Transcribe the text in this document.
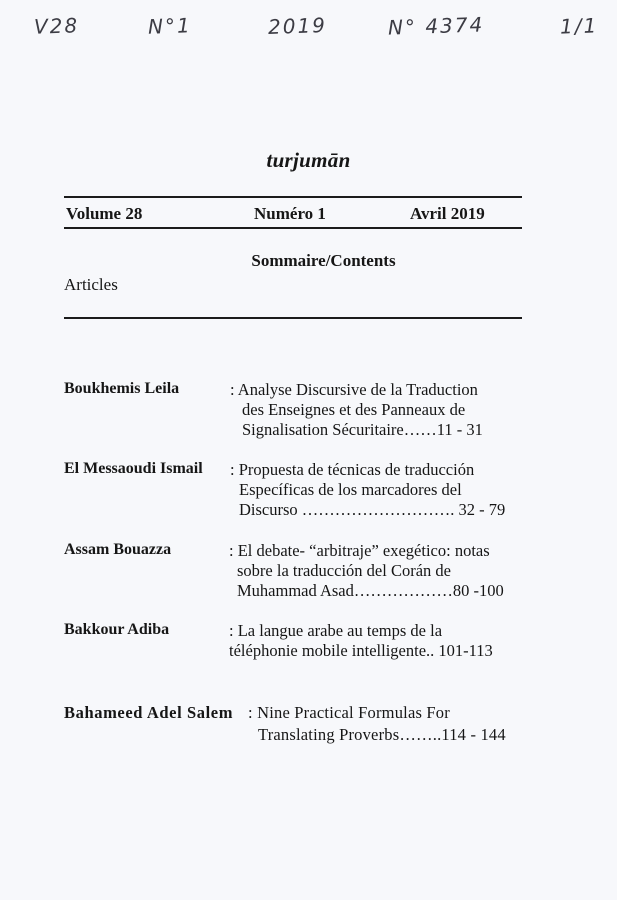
V28	N°1	2019	N° 4374	1/1
turjumān
Volume 28	Numéro 1	Avril 2019
Sommaire/Contents
Articles
Boukhemis Leila	: Analyse Discursive de la Traduction
des Enseignes et des Panneaux de
Signalisation Sécuritaire……11 - 31
El Messaoudi Ismail : Propuesta de técnicas de traducción
Específicas de los marcadores del
Discurso ………………………. 32 - 79
Assam Bouazza	: El debate- “arbitraje” exegético: notas
sobre la traducción del Corán de
Muhammad Asad………………80 -100
Bakkour Adiba	: La langue arabe au temps de la
téléphonie mobile intelligente.. 101-113
Bahameed Adel Salem : Nine Practical Formulas For
Translating Proverbs……..114 - 144
